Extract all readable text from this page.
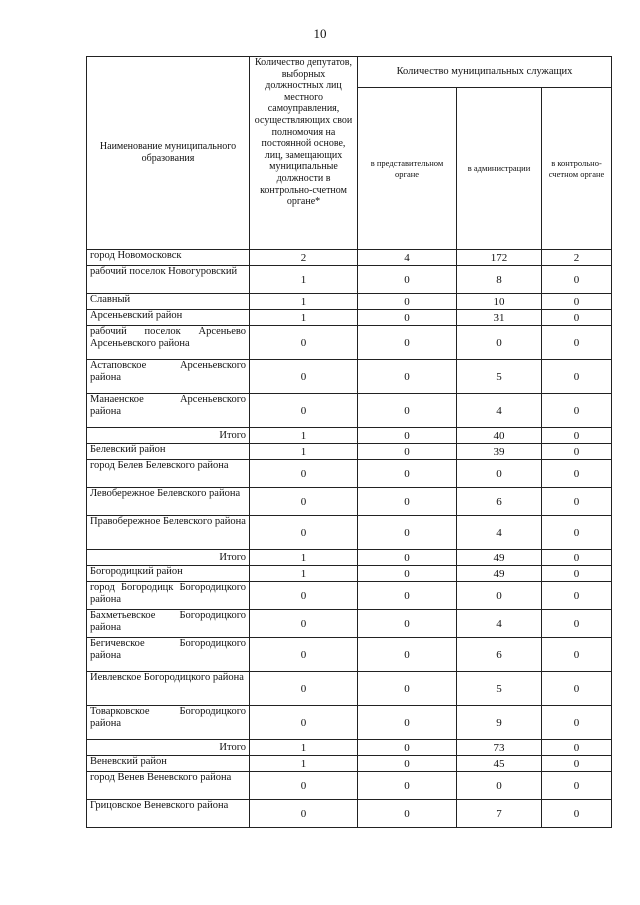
10
Наименование муниципального образования	Количество депутатов, выборных должностных лиц местного самоуправления, осуществляющих свои полномочия на постоянной основе, лиц, замещающих муниципальные должности в контрольно-счетном органе*	Количество муниципальных служащих		
		в представительном органе	в администрации	в контрольно-счетном органе
город Новомосковск	2	4	172	2
рабочий поселок Новогуровский	1	0	8	0
Славный	1	0	10	0
Арсеньевский район	1	0	31	0
рабочий поселок Арсеньево Арсеньевского района	0	0	0	0
Астаповское Арсеньевского района	0	0	5	0
Манаенское Арсеньевского района	0	0	4	0
Итого	1	0	40	0
Белевский район	1	0	39	0
город Белев Белевского района	0	0	0	0
Левобережное Белевского района	0	0	6	0
Правобережное Белевского района	0	0	4	0
Итого	1	0	49	0
Богородицкий район	1	0	49	0
город Богородицк Богородицкого района	0	0	0	0
Бахметьевское Богородицкого района	0	0	4	0
Бегичевское Богородицкого района	0	0	6	0
Иевлевское Богородицкого района	0	0	5	0
Товарковское Богородицкого района	0	0	9	0
Итого	1	0	73	0
Веневский район	1	0	45	0
город Венев Веневского района	0	0	0	0
Грицовское Веневского района	0	0	7	0
